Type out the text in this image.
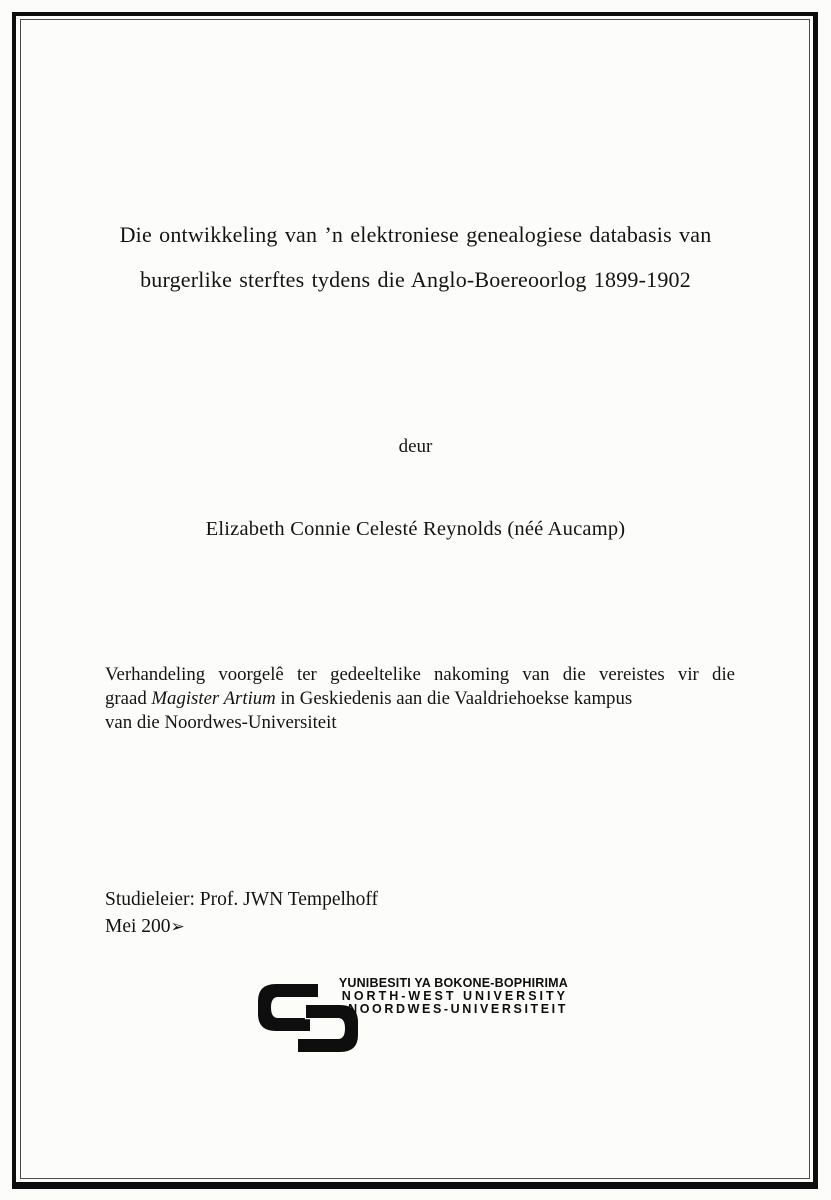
Die ontwikkeling van ’n elektroniese genealogiese databasis van
burgerlike sterftes tydens die Anglo-Boereoorlog 1899-1902
deur
Elizabeth Connie Celesté Reynolds (néé Aucamp)
Verhandeling voorgelê ter gedeeltelike nakoming van die vereistes vir die
graad Magister Artium in Geskiedenis aan die Vaaldriehoekse kampus
van die Noordwes-Universiteit
Studieleier: Prof. JWN Tempelhoff
Mei 200➢
YUNIBESITI YA BOKONE-BOPHIRIMA
NORTH-WEST UNIVERSITY
NOORDWES-UNIVERSITEIT
